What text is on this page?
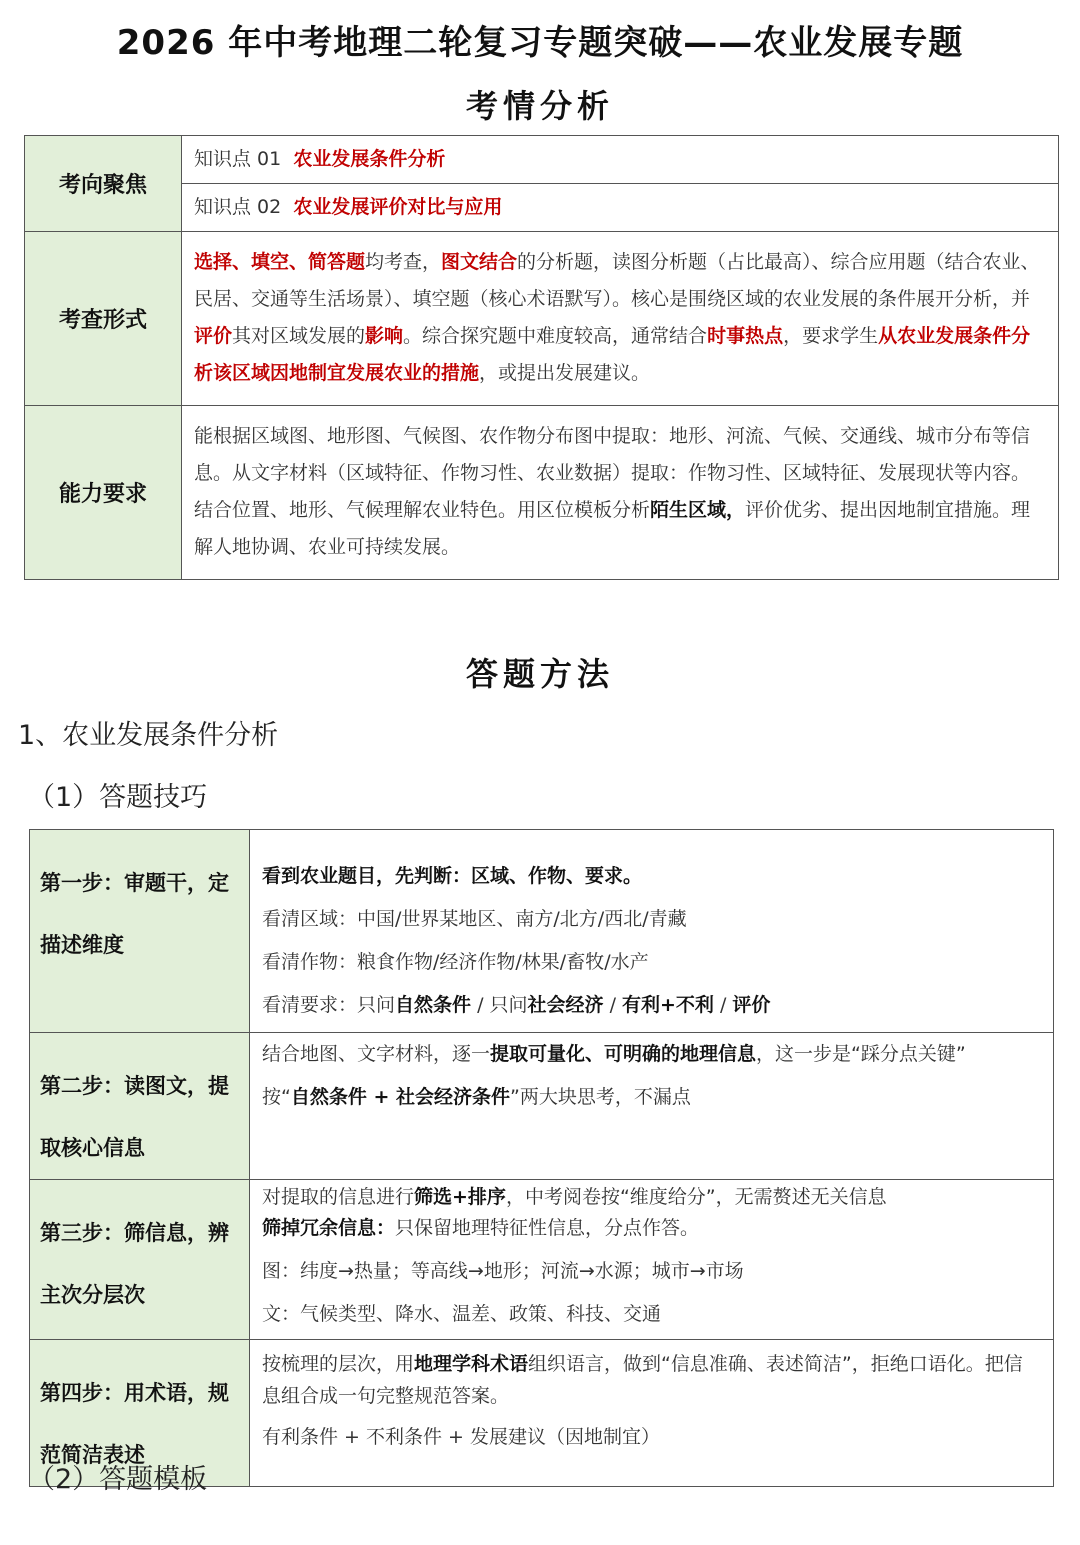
2026 年中考地理二轮复习专题突破——农业发展专题
考情分析
考向聚焦	知识点 01 农业发展条件分析
	知识点 02 农业发展评价对比与应用
考查形式	选择、填空、简答题均考查，图文结合的分析题，读图分析题（占比最高）、综合应用题（结合农业、民居、交通等生活场景）、填空题（核心术语默写）。核心是围绕区域的农业发展的条件展开分析，并评价其对区域发展的影响。综合探究题中难度较高，通常结合时事热点，要求学生从农业发展条件分析该区域因地制宜发展农业的措施，或提出发展建议。
能力要求	能根据区域图、地形图、气候图、农作物分布图中提取：地形、河流、气候、交通线、城市分布等信息。从文字材料（区域特征、作物习性、农业数据）提取：作物习性、区域特征、发展现状等内容。结合位置、地形、气候理解农业特色。用区位模板分析陌生区域，评价优劣、提出因地制宜措施。理解人地协调、农业可持续发展。
答题方法
1、农业发展条件分析
（1）答题技巧
第一步：审题干，定描述维度	看到农业题目，先判断：区域、作物、要求。
看清区域：中国/世界某地区、南方/北方/西北/青藏
看清作物：粮食作物/经济作物/林果/畜牧/水产
看清要求：只问自然条件 / 只问社会经济 / 有利+不利 / 评价

第二步：读图文，提取核心信息	结合地图、文字材料，逐一提取可量化、可明确的地理信息，这一步是“踩分点关键”
按“自然条件 + 社会经济条件”两大块思考，不漏点

第三步：筛信息，辨主次分层次	对提取的信息进行筛选+排序，中考阅卷按“维度给分”，无需赘述无关信息
筛掉冗余信息：只保留地理特征性信息，分点作答。
图：纬度→热量；等高线→地形；河流→水源；城市→市场
文：气候类型、降水、温差、政策、科技、交通

第四步：用术语，规范简洁表述	按梳理的层次，用地理学科术语组织语言，做到“信息准确、表述简洁”，拒绝口语化。把信息组合成一句完整规范答案。
有利条件 + 不利条件 + 发展建议（因地制宜）
（2）答题模板
